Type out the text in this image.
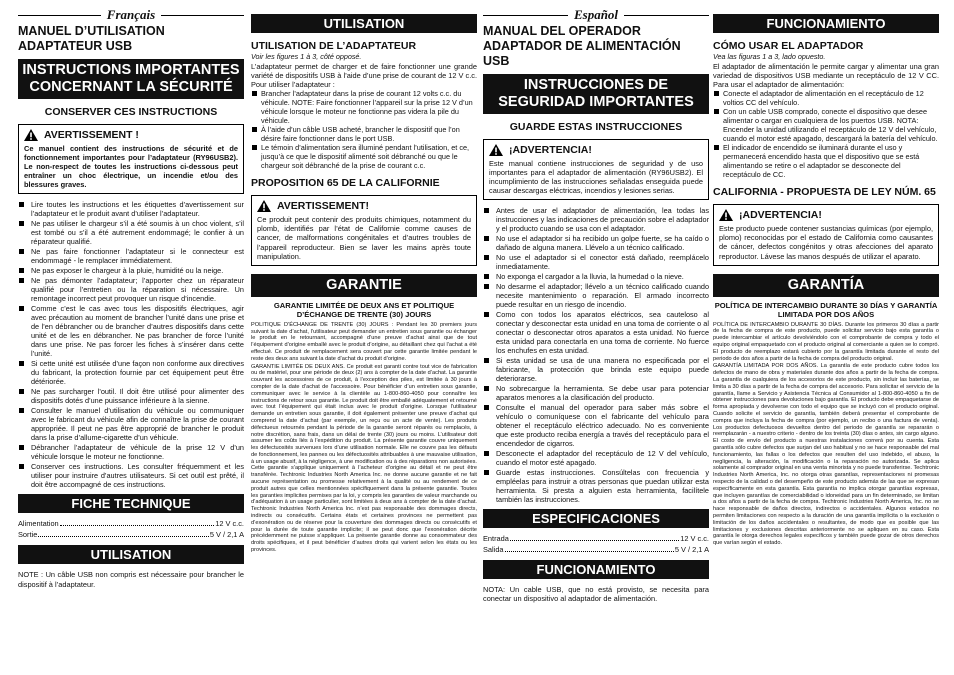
Français
MANUEL D’UTILISATION ADAPTATEUR USB
INSTRUCTIONS IMPORTANTES CONCERNANT LA SÉCURITÉ
CONSERVER CES INSTRUCTIONS
AVERTISSEMENT !

Ce manuel contient des instructions de sécurité et de fonctionnement importantes pour l’adaptateur (RY96USB2). Le non-respect de toutes les instructions ci-dessous peut entraîner un choc électrique, un incendie et/ou des blessures graves.

Lire toutes les instructions et les étiquettes d’avertissement sur l’adaptateur et le produit avant d’utiliser l’adaptateur.
Ne pas utiliser le chargeur s’il a été soumis à un choc violent, s’il est tombé ou s’il a été autrement endommagé; le confier à un réparateur qualifié.
Ne pas faire fonctionner l’adaptateur si le connecteur est endommagé - le remplacer immédiatement.
Ne pas exposer le chargeur à la pluie, humidité ou la neige.
Ne pas démonter l’adaptateur; l’apporter chez un réparateur qualifié pour l’entretien ou la réparation si nécessaire. Un remontage incorrect peut provoquer un risque d’incendie.
Comme c’est le cas avec tous les dispositifs électriques, agir avec précaution au moment de brancher l’unité dans une prise et de l’en débrancher ou de brancher d’autres dispositifs dans cette unité et de les en débrancher. Ne pas brancher de force l’unité dans une prise. Ne pas forcer les fiches à s’insérer dans cette l’unité.
Si cette unité est utilisée d’une façon non conforme aux directives du fabricant, la protection fournie par cet équipement peut être détériorée.
Ne pas surcharger l’outil. Il doit être utilisé pour alimenter des dispositifs dotés d’une puissance inférieure à la sienne.
Consulter le manuel d’utilisation du véhicule ou communiquer avec le fabricant du véhicule afin de connaître la prise de courant appropriée. Il peut ne pas être approprié de brancher le produit dans la prise d’allume-cigarette d’un véhicule.
Débrancher l’adaptateur de véhicule de la prise 12 V d’un véhicule lorsque le moteur ne fonctionne.
Conserver ces instructions. Les consulter fréquemment et les utiliser pour instruire d’autres utilisateurs. Si cet outil est prêté, il doit être accompagné de ces instructions.
FICHE TECHNIQUE
Alimentation	12 V c.c.
Sortie	5 V / 2,1 A
UTILISATION

NOTE : Un câble USB non compris est nécessaire pour brancher le dispositif à l’adaptateur.

UTILISATION
UTILISATION DE L’ADAPTATEUR
Voir les figures 1 à 3, côté opposé.

L’adaptateur permet de charger et de faire fonctionner une grande variété de dispositifs USB à l’aide d’une prise de courant de 12 V c.c. Pour utiliser l’adaptateur :

Brancher l’adaptateur dans la prise de courant 12 volts c.c. du véhicule. NOTE: Faire fonctionner l’appareil sur la prise 12 V d’un véhicule lorsque le moteur ne fonctionne pas videra la pile du véhicule.
À l’aide d’un câble USB acheté, brancher le dispositif que l’on désire faire fonctionner dans le port USB.
Le témoin d’alimentation sera illuminé pendant l’utilisation, et ce, jusqu’à ce que le dispositif alimenté soit débranché ou que le chargeur soit débranché de la prise de courant c.c.
PROPOSITION 65 DE LA CALIFORNIE
AVERTISSEMENT!

Ce produit peut contenir des produits chimiques, notamment du plomb, identifiés par l’état de Californie comme causes de cancer, de malformations congénitales et d’autres troubles de l’appareil reproducteur. Bien se laver les mains après toute manipulation.

GARANTIE
GARANTIE LIMITÉE DE DEUX ANS ET POLITIQUE D’ÉCHANGE DE TRENTE (30) JOURS

POLITIQUE D’ÉCHANGE DE TRENTE (30) JOURS : Pendant les 30 premiers jours suivant la date d’achat, l’utilisateur peut demander un entretien sous garantie ou échanger le produit en le retournant, accompagné d’une preuve d’achat ainsi que de tout l’équipement d’origine emballé avec le produit d’origine, au détaillant chez qui l’achat a été effectué. Ce produit de remplacement sera couvert par cette garantie limitée pendant le reste des deux ans suivant la date d’achat du produit d’origine.

GARANTIE LIMITÉE DE DEUX ANS. Ce produit est garanti contre tout vice de fabrication ou de matériel, pour une période de deux (2) ans à compter de la date d’achat. La garantie couvrant les accessoires de ce produit, à l’exception des piles, est limitée à 30 jours à compter de la date d’achat de l’accessoire. Pour bénéficier d’un entretien sous garantie, communiquer avec le service à la clientèle au 1-800-860-4050 pour connaître les instructions de retour sous garantie. Le produit doit être emballé adéquatement et retourné avec tout l’équipement qui était inclus avec le produit d’origine. Lorsque l’utilisateur demande un entretien sous garantie, il doit également présenter une preuve d’achat qui comprend la date d’achat (par exemple, un reçu ou un acte de vente). Les produits défectueux retournés pendant la période de la garantie seront réparés ou remplacés, à notre discrétion, sans frais, dans un délai de trente (30) jours ou moins. L’utilisateur doit assumer les coûts liés à l’expédition du produit. La présente garantie couvre uniquement les défectuosités survenues lors d’une utilisation normale. Elle ne couvre pas les défauts de fonctionnement, les pannes ou les défectuosités attribuables à une mauvaise utilisation, à un usage abusif, à la négligence, à une modification ou à des réparations non autorisées. Cette garantie s’applique uniquement à l’acheteur d’origine au détail et ne peut être transférée. Techtronic Industries North America Inc. ne donne aucune garantie et ne fait aucune représentation ou promesse relativement à la qualité ou au rendement de ce produit autres que celles mentionnées spécifiquement dans la présente garantie. Toutes les garanties implicites permises par la loi, y compris les garanties de valeur marchande ou d’adéquation à un usage particulier, sont limitées à deux ans à compter de la date d’achat. Techtronic Industries North America Inc. n’est pas responsable des dommages directs, indirects ou consécutifs. Certains états et certaines provinces ne permettent pas d’exonération ou de réserve pour la couverture des dommages directs ou consécutifs et pour la durée de toute garantie implicite; il se peut donc que l’exonération décrite précédemment ne puisse s’appliquer. La présente garantie donne au consommateur des droits spécifiques, et il peut bénéficier d’autres droits qui varient selon les états ou les provinces.

Español
MANUAL DEL OPERADOR ADAPTADOR DE ALIMENTACIÓN USB
INSTRUCCIONES DE SEGURIDAD IMPORTANTES
GUARDE ESTAS INSTRUCCIONES
¡ADVERTENCIA!

Este manual contiene instrucciones de seguridad y de uso importantes para el adaptador de alimentación (RY96USB2). El incumplimiento de las instrucciones señaladas enseguida puede causar descargas eléctricas, incendios y lesiones serias.

Antes de usar el adaptador de alimentación, lea todas las instrucciones y las indicaciones de precaución sobre el adaptador y el producto cuando se usa con el adaptador.
No use el adaptador si ha recibido un golpe fuerte, se ha caído o dañado de alguna manera. Llévelo a un técnico calificado.
No use el adaptador si el conector está dañado, reemplácelo inmediatamente.
No exponga el cargador a la lluvia, la humedad o la nieve.
No desarme el adaptador; llévelo a un técnico calificado cuando necesite mantenimiento o reparación. El armado incorrecto puede resultar en un riesgo de incendio.
Como con todos los aparatos eléctricos, sea cauteloso al conectar y desconectar esta unidad en una toma de corriente o al conectar o desconectar otros aparatos a esta unidad. No fuerce esta unidad para conectarla en una toma de corriente. No fuerce los enchufes en esta unidad.
Si esta unidad se usa de una manera no especificada por el fabricante, la protección que brinda este equipo puede deteriorarse.
No sobrecargue la herramienta. Se debe usar para potenciar aparatos menores a la clasificación del producto.
Consulte el manual del operador para saber más sobre el vehículo o comuníquese con el fabricante del vehículo para obtener el receptáculo eléctrico adecuado. No es conveniente que este producto reciba energía a través del receptáculo para el encendedor de cigarros.
Desconecte el adaptador del receptáculo de 12 V del vehículo, cuando el motor esté apagado.
Guarde estas instrucciones. Consúltelas con frecuencia y empléelas para instruir a otras personas que puedan utilizar esta herramienta. Si presta a alguien esta herramienta, facilítele también las instrucciones.
ESPECIFICACIONES
Entrada	12 V c.c.
Salida	5 V / 2,1 A
FUNCIONAMIENTO

NOTA: Un cable USB, que no está provisto, se necesita para conectar un dispositivo al adaptador de alimentación.

FUNCIONAMIENTO
CÓMO USAR EL ADAPTADOR
Vea las figuras 1 a 3, lado opuesto.

El adaptador de alimentación le permite cargar y alimentar una gran variedad de dispositivos USB mediante un receptáculo de 12 V CC. Para usar el adaptador de alimentación:

Conecte el adaptador de alimentación en el receptáculo de 12 voltios CC del vehículo.
Con un cable USB comprado, conecte el dispositivo que desee alimentar o cargar en cualquiera de los puertos USB. NOTA: Encender la unidad utilizando el receptáculo de 12 V del vehículo, cuando el motor esté apagado, descargará la batería del vehículo.
El indicador de encendido se iluminará durante el uso y permanecerá encendido hasta que el dispositivo que se está alimentando se retire o el adaptador se desconecte del receptáculo de CC.
CALIFORNIA - PROPUESTA DE LEY NÚM. 65
¡ADVERTENCIA!

Este producto puede contener sustancias químicas (por ejemplo, plomo) reconocidas por el estado de California como causantes de cáncer, defectos congénitos y otras afecciones del aparato reproductor. Lávese las manos después de utilizar el aparato.

GARANTÍA
POLÍTICA DE INTERCAMBIO DURANTE 30 DÍAS Y GARANTÍA LIMITADA POR DOS AÑOS

POLÍTICA DE INTERCAMBIO DURANTE 30 DÍAS. Durante los primeros 30 días a partir de la fecha de compra de este producto, puede solicitar servicio bajo esta garantía o puede intercambiar el artículo devolviéndolo con el comprobante de compra y todo el equipo original empaquetado con el producto original al comerciante a quien se lo compró. El producto de reemplazo estará cubierto por la garantía limitada durante el resto del periodo de dos años a partir de la fecha de compra del producto original.

GARANTÍA LIMITADA POR DOS AÑOS. La garantía de este producto cubre todos los defectos de mano de obra y materiales durante dos años a partir de la fecha de compra. La garantía de cualquiera de los accesorios de este producto, sin incluir las baterías, se limita a 30 días a partir de la fecha de compra del accesorio. Para solicitar el servicio de la garantía, llame a Servicio y Asistencia Técnica al Consumidor al 1-800-860-4050 a fin de obtener instrucciones para devoluciones bajo garantía. El producto debe empaquetarse de forma apropiada y devolverse con todo el equipo que se incluyó con el producto original. Cuando solicite el servicio de garantía, también deberá presentar el comprobante de compra que incluya la fecha de compra (por ejemplo, un recibo o una factura de venta). Los productos defectuosos devueltos dentro del periodo de garantía se repararán o reemplazarán - a nuestro criterio - dentro de los treinta (30) días o antes, sin cargo alguno. El costo de envío del producto a nuestras instalaciones correrá por su cuenta. Esta garantía sólo cubre defectos que surjan del uso habitual y no se hace responsable del mal funcionamiento, las fallas o los defectos que resulten del uso indebido, el abuso, la negligencia, la alteración, la modificación o la reparación no autorizada. Se aplica solamente al comprador original en una venta minorista y no puede transferirse. Techtronic Industries North America, Inc. no otorga otras garantías, representaciones ni promesas respecto de la calidad o del desempeño de este producto además de las que se expresan específicamente en esta garantía. Esta garantía no implica otorgar garantías expresas, que incluyen garantías de comerciabilidad o idoneidad para un fin determinado, se limitan a dos años a partir de la fecha de compra. Techtronic Industries North America, Inc. no se hace responsable de daños directos, indirectos o accidentales. Algunos estados no permiten limitaciones con respecto a la duración de una garantía implícita o la exclusión o limitación de los daños accidentales o resultantes, de modo que es posible que las limitaciones y exclusiones descritas anteriormente no se apliquen en su caso. Esta garantía le otorga derechos legales específicos y también puede gozar de otros derechos que varían según el estado.
